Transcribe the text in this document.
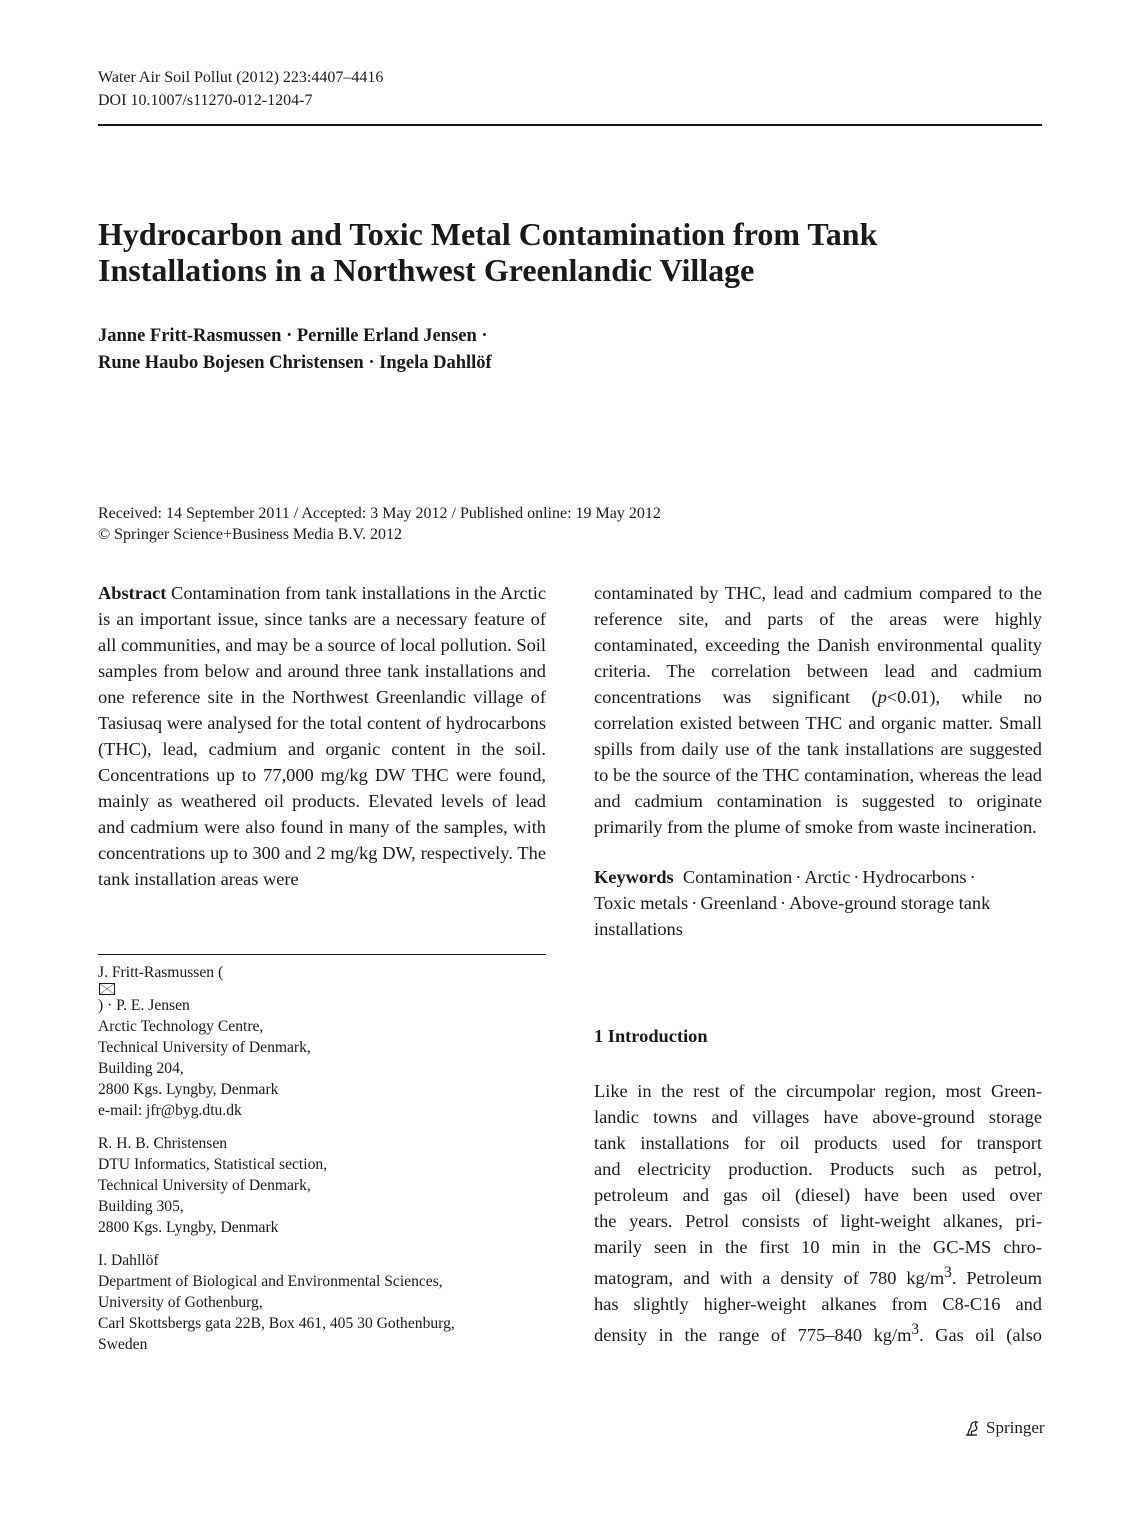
Water Air Soil Pollut (2012) 223:4407–4416
DOI 10.1007/s11270-012-1204-7
Hydrocarbon and Toxic Metal Contamination from Tank
Installations in a Northwest Greenlandic Village
Janne Fritt-Rasmussen · Pernille Erland Jensen ·
Rune Haubo Bojesen Christensen · Ingela Dahllöf
Received: 14 September 2011 / Accepted: 3 May 2012 / Published online: 19 May 2012
© Springer Science+Business Media B.V. 2012

Abstract Contamination from tank installations in the Arctic is an important issue, since tanks are a necessary feature of all communities, and may be a source of local pollution. Soil samples from below and around three tank installations and one reference site in the Northwest Greenlandic village of Tasiusaq were analysed for the total content of hydrocarbons (THC), lead, cadmium and organic content in the soil. Concentrations up to 77,000 mg/kg DW THC were found, mainly as weathered oil products. Elevated levels of lead and cadmium were also found in many of the samples, with concentrations up to 300 and 2 mg/kg DW, respectively. The tank installation areas were

contaminated by THC, lead and cadmium compared to the reference site, and parts of the areas were highly contaminated, exceeding the Danish environmental quality criteria. The correlation between lead and cadmium concentrations was significant (p<0.01), while no correlation existed between THC and organic matter. Small spills from daily use of the tank installations are suggested to be the source of the THC contamination, whereas the lead and cadmium contamination is suggested to originate primarily from the plume of smoke from waste incineration.

Keywords Contamination · Arctic · Hydrocarbons ·
Toxic metals · Greenland · Above-ground storage tank installations

J. Fritt-Rasmussen (
) · P. E. Jensen
Arctic Technology Centre,
Technical University of Denmark,
Building 204,
2800 Kgs. Lyngby, Denmark
e-mail: jfr@byg.dtu.dk
R. H. B. Christensen
DTU Informatics, Statistical section,
Technical University of Denmark,
Building 305,
2800 Kgs. Lyngby, Denmark
I. Dahllöf
Department of Biological and Environmental Sciences,
University of Gothenburg,
Carl Skottsbergs gata 22B, Box 461, 405 30 Gothenburg,
Sweden
1 Introduction
Like in the rest of the circumpolar region, most Green-
landic towns and villages have above-ground storage
tank installations for oil products used for transport
and electricity production. Products such as petrol,
petroleum and gas oil (diesel) have been used over
the years. Petrol consists of light-weight alkanes, pri-
marily seen in the first 10 min in the GC-MS chro-
matogram, and with a density of 780 $kg/m^3$. Petroleum
has slightly higher-weight alkanes from C8-C16 and
density in the range of 775–840 $kg/m^3$. Gas oil (also
Springer
